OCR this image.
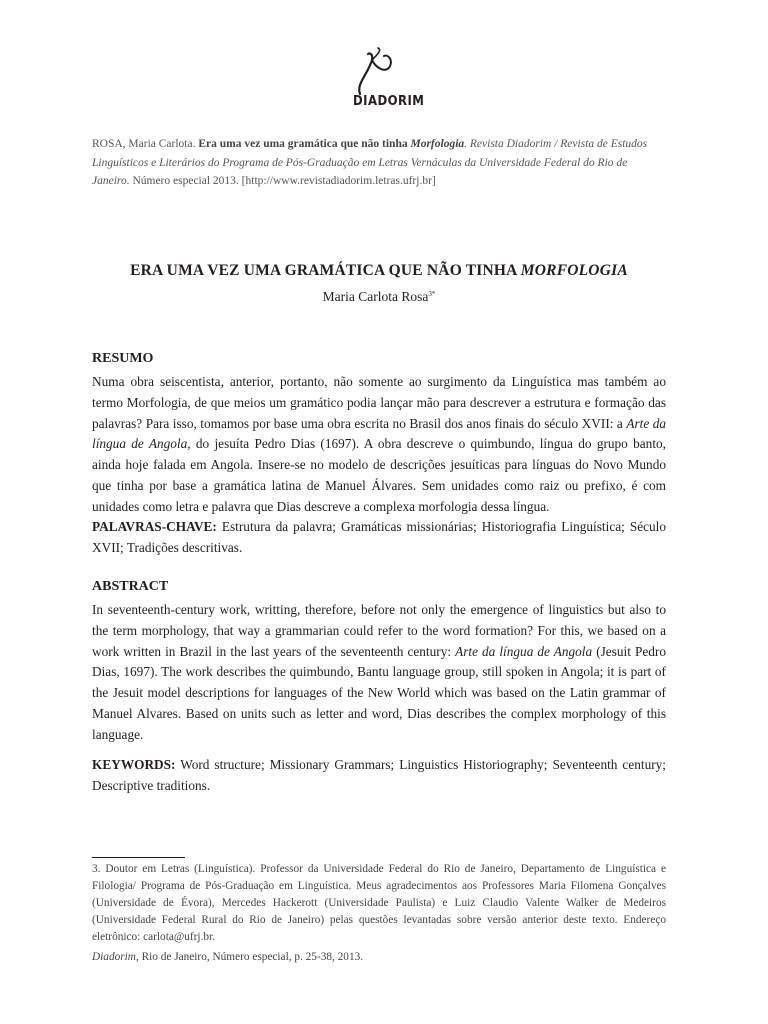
DIADORIM
ROSA, Maria Carlota. Era uma vez uma gramática que não tinha Morfologia. Revista Diadorim / Revista de Estudos Linguísticos e Literários do Programa de Pós-Graduação em Letras Vernáculas da Universidade Federal do Rio de Janeiro. Número especial 2013. [http://www.revistadiadorim.letras.ufrj.br]
ERA UMA VEZ UMA GRAMÁTICA QUE NÃO TINHA MORFOLOGIA
Maria Carlota Rosa$^{3*}$
RESUMO

Numa obra seiscentista, anterior, portanto, não somente ao surgimento da Linguística mas também ao termo Morfologia, de que meios um gramático podia lançar mão para descrever a estrutura e formação das palavras? Para isso, tomamos por base uma obra escrita no Brasil dos anos finais do século XVII: a Arte da língua de Angola, do jesuíta Pedro Dias (1697). A obra descreve o quimbundo, língua do grupo banto, ainda hoje falada em Angola. Insere-se no modelo de descrições jesuíticas para línguas do Novo Mundo que tinha por base a gramática latina de Manuel Álvares. Sem unidades como raiz ou prefixo, é com unidades como letra e palavra que Dias descreve a complexa morfologia dessa língua.

PALAVRAS-CHAVE: Estrutura da palavra; Gramáticas missionárias; Historiografia Linguística; Século XVII; Tradições descritivas.

ABSTRACT

In seventeenth-century work, writting, therefore, before not only the emergence of linguistics but also to the term morphology, that way a grammarian could refer to the word formation? For this, we based on a work written in Brazil in the last years of the seventeenth century: Arte da língua de Angola (Jesuit Pedro Dias, 1697). The work describes the quimbundo, Bantu language group, still spoken in Angola; it is part of the Jesuit model descriptions for languages of the New World which was based on the Latin grammar of Manuel Alvares. Based on units such as letter and word, Dias describes the complex morphology of this language.

KEYWORDS: Word structure; Missionary Grammars; Linguistics Historiography; Seventeenth century; Descriptive traditions.

3. Doutor em Letras (Linguística). Professor da Universidade Federal do Rio de Janeiro, Departamento de Linguística e Filologia/ Programa de Pós-Graduação em Linguística. Meus agradecimentos aos Professores Maria Filomena Gonçalves (Universidade de Évora), Mercedes Hackerott (Universidade Paulista) e Luiz Claudio Valente Walker de Medeiros (Universidade Federal Rural do Rio de Janeiro) pelas questões levantadas sobre versão anterior deste texto. Endereço eletrônico: carlota@ufrj.br.
Diadorim, Rio de Janeiro, Número especial, p. 25-38, 2013.
